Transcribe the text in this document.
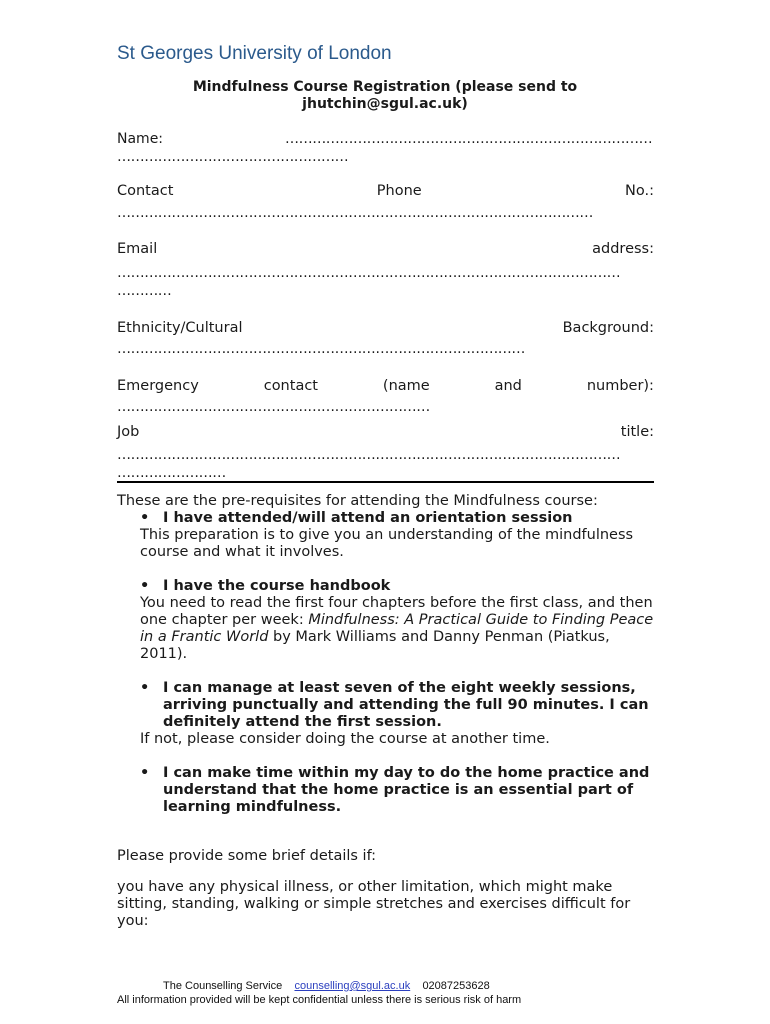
St Georges University of London
Mindfulness Course Registration (please send to jhutchin@sgul.ac.uk)
Name:	………………………………………………………………………
……………………………………………
Contact	Phone	No.:
……………………………………………………………………………………………
Email	address:
…………………………………………………………………………………………………
…………
Ethnicity/Cultural	Background:
………………………………………………………………………………
Emergency	contact	(name	and	number):
……………………………………………………………
Job	title:
…………………………………………………………………………………………………
……………………
These are the pre-requisites for attending the Mindfulness course:
• I have attended/will attend an orientation session
This preparation is to give you an understanding of the mindfulness course and what it involves.
• I have the course handbook
You need to read the first four chapters before the first class, and then one chapter per week: Mindfulness: A Practical Guide to Finding Peace in a Frantic World by Mark Williams and Danny Penman (Piatkus, 2011).
• I can manage at least seven of the eight weekly sessions, arriving punctually and attending the full 90 minutes. I can definitely attend the first session.
If not, please consider doing the course at another time.
• I can make time within my day to do the home practice and understand that the home practice is an essential part of learning mindfulness.
Please provide some brief details if:
you have any physical illness, or other limitation, which might make sitting, standing, walking or simple stretches and exercises difficult for you:
The Counselling Service counselling@sgul.ac.uk 02087253628
All information provided will be kept confidential unless there is serious risk of harm
